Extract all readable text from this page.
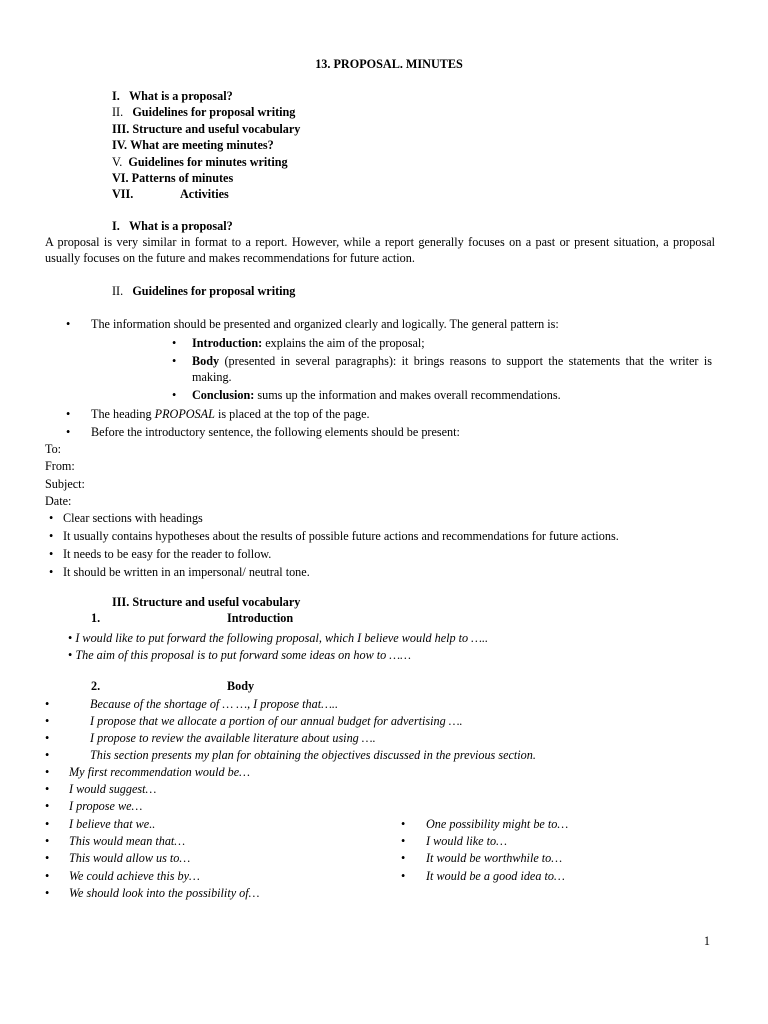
13. PROPOSAL. MINUTES
I. What is a proposal?
II. Guidelines for proposal writing
III. Structure and useful vocabulary
IV. What are meeting minutes?
V. Guidelines for minutes writing
VI. Patterns of minutes
VII.	Activities
I. What is a proposal?
A proposal is very similar in format to a report. However, while a report generally focuses on a past or present situation, a proposal usually focuses on the future and makes recommendations for future action.
II. Guidelines for proposal writing
• The information should be presented and organized clearly and logically. The general pattern is:
• Introduction: explains the aim of the proposal;
• Body (presented in several paragraphs): it brings reasons to support the statements that the writer is making.
• Conclusion: sums up the information and makes overall recommendations.
• The heading PROPOSAL is placed at the top of the page.
• Before the introductory sentence, the following elements should be present:
To:
From:
Subject:
Date:
• Clear sections with headings
• It usually contains hypotheses about the results of possible future actions and recommendations for future actions.
• It needs to be easy for the reader to follow.
• It should be written in an impersonal/ neutral tone.
III. Structure and useful vocabulary
1.	Introduction
• I would like to put forward the following proposal, which I believe would help to …..
• The aim of this proposal is to put forward some ideas on how to ……
2.	Body
•	Because of the shortage of … …, I propose that…..
•	I propose that we allocate a portion of our annual budget for advertising ….
•	I propose to review the available literature about using ….
•	This section presents my plan for obtaining the objectives discussed in the previous section.
• My first recommendation would be…
• I would suggest…
• I propose we…
• I believe that we..
• This would mean that…
• This would allow us to…
• We could achieve this by…
• We should look into the possibility of…
• One possibility might be to…
• I would like to…
• It would be worthwhile to…
• It would be a good idea to…
1
